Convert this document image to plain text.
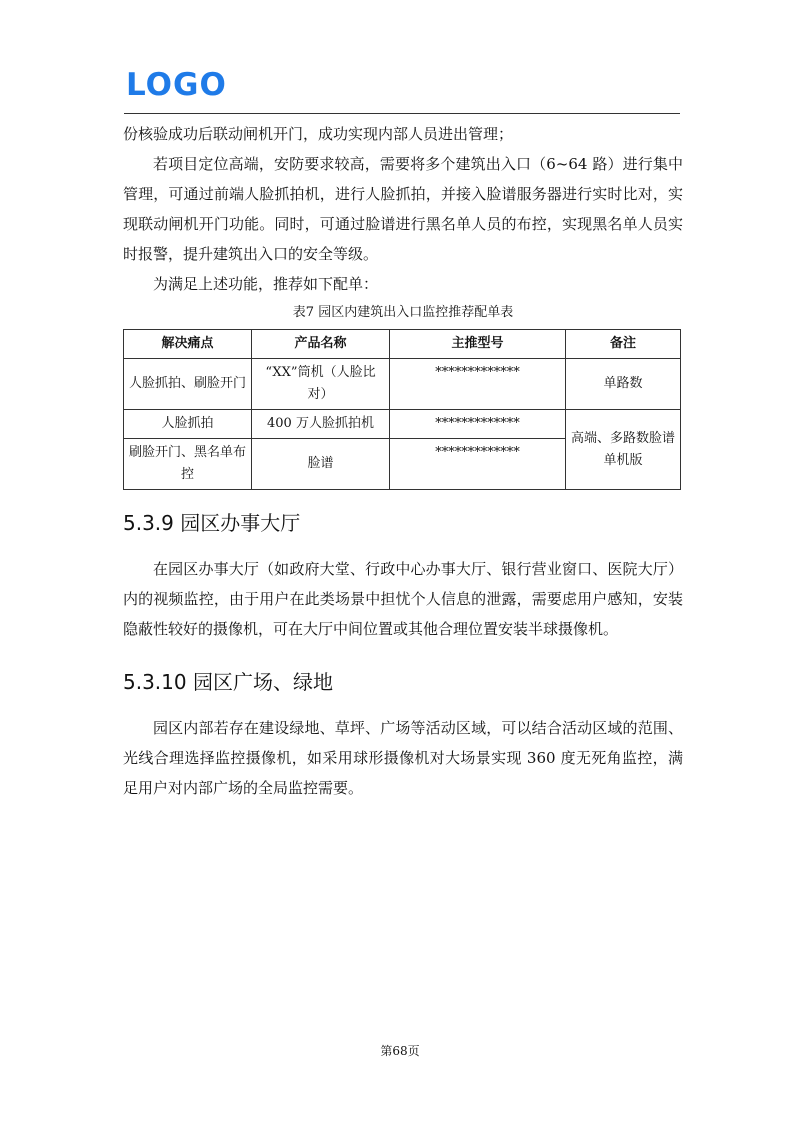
LOGO

份核验成功后联动闸机开门，成功实现内部人员进出管理；

若项目定位高端，安防要求较高，需要将多个建筑出入口（6~64 路）进行集中管理，可通过前端人脸抓拍机，进行人脸抓拍，并接入脸谱服务器进行实时比对，实现联动闸机开门功能。同时，可通过脸谱进行黑名单人员的布控，实现黑名单人员实时报警，提升建筑出入口的安全等级。

为满足上述功能，推荐如下配单：

表7 园区内建筑出入口监控推荐配单表
解决痛点	产品名称	主推型号	备注
人脸抓拍、刷脸开门	“XX”筒机（人脸比对）	*************	单路数
人脸抓拍	400 万人脸抓拍机	*************	高端、多路数脸谱单机版
刷脸开门、黑名单布控	脸谱	*************	
5.3.9 园区办事大厅

在园区办事大厅（如政府大堂、行政中心办事大厅、银行营业窗口、医院大厅）内的视频监控，由于用户在此类场景中担忧个人信息的泄露，需要虑用户感知，安装隐蔽性较好的摄像机，可在大厅中间位置或其他合理位置安装半球摄像机。

5.3.10 园区广场、绿地

园区内部若存在建设绿地、草坪、广场等活动区域，可以结合活动区域的范围、光线合理选择监控摄像机，如采用球形摄像机对大场景实现 360 度无死角监控，满足用户对内部广场的全局监控需要。

第68页
